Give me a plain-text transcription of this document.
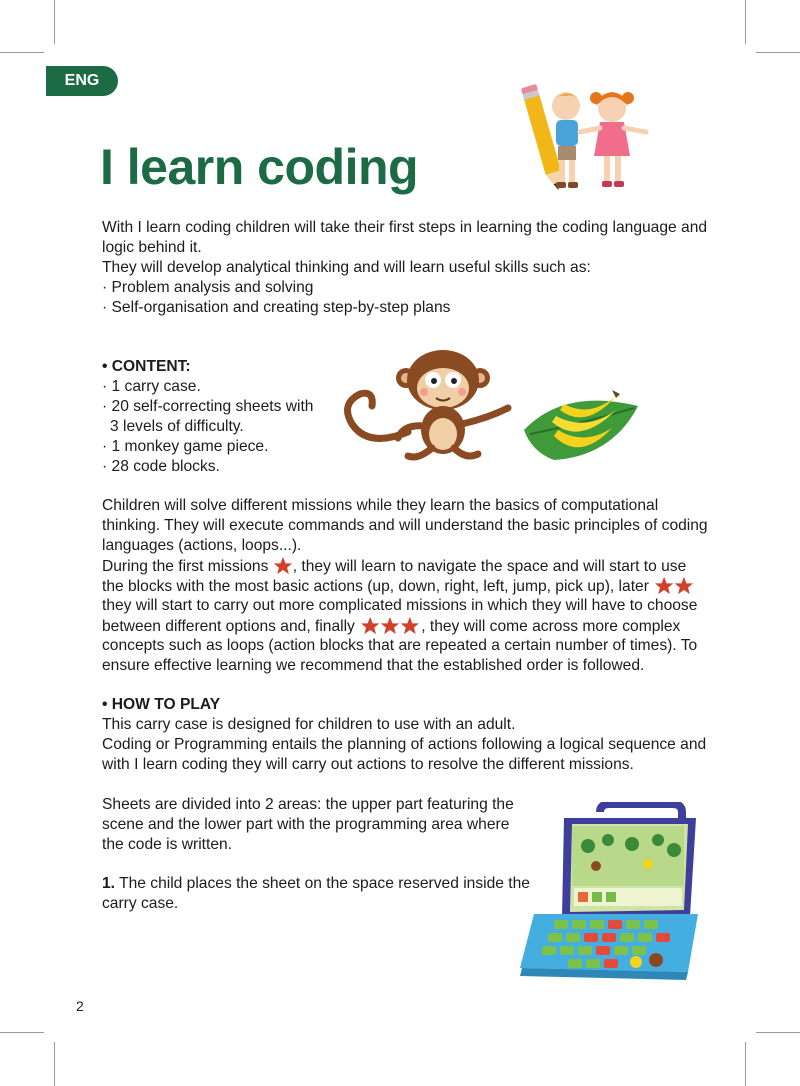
ENG
I learn coding
With I learn coding children will take their first steps in learning the coding language and
logic behind it.
They will develop analytical thinking and will learn useful skills such as:
· Problem analysis and solving
· Self-organisation and creating step-by-step plans
• CONTENT:
· 1 carry case.
· 20 self-correcting sheets with
3 levels of difficulty.
· 1 monkey game piece.
· 28 code blocks.
Children will solve different missions while they learn the basics of computational
thinking. They will execute commands and will understand the basic principles of coding
languages (actions, loops...).
During the first missions , they will learn to navigate the space and will start to use
the blocks with the most basic actions (up, down, right, left, jump, pick up), later
they will start to carry out more complicated missions in which they will have to choose
between different options and, finally	, they will come across more complex
concepts such as loops (action blocks that are repeated a certain number of times). To
ensure effective learning we recommend that the established order is followed.
• HOW TO PLAY
This carry case is designed for children to use with an adult.
Coding or Programming entails the planning of actions following a logical sequence and
with I learn coding they will carry out actions to resolve the different missions.
Sheets are divided into 2 areas: the upper part featuring the
scene and the lower part with the programming area where
the code is written.
1. The child places the sheet on the space reserved inside the
carry case.
2
